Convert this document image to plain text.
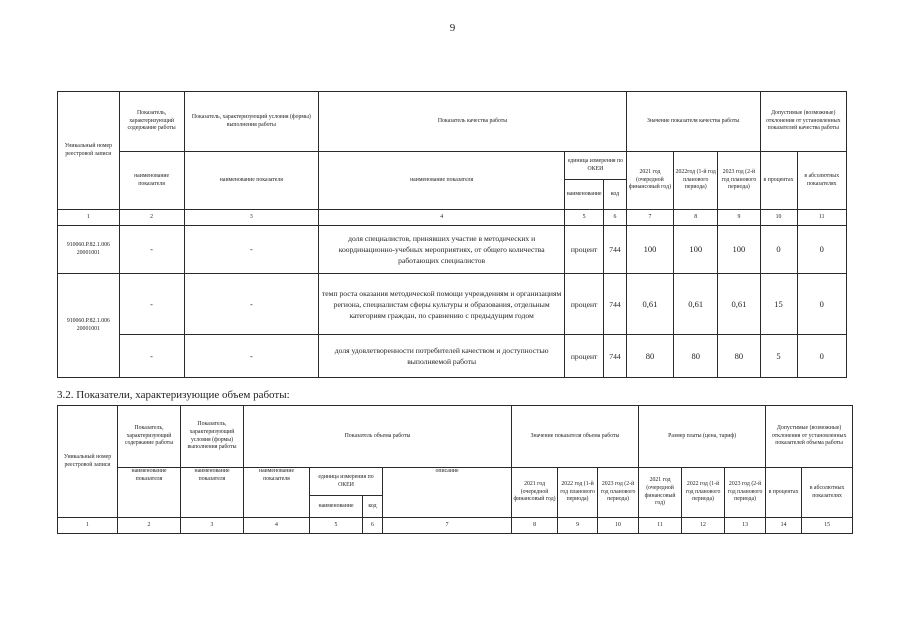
9
Уникальный номер реестровой записи	Показатель, характеризующий содержание работы	Показатель, характеризующий условия (формы) выполнения работы	Показатель качества работы			Значение показателя качества работы			Допустимые (возможные) отклонения от установленных показателей качества работы	
	наименование показателя	наименование показателя	наименование показателя	единица измерения по ОКЕИ		2021 год (очередной финансовый год)	2022год (1-й год планового периода)	2023 год (2-й год планового периода)	в процентах	в абсолютных показателях
				наименование	код					
1	2	3	4	5	6	7	8	9	10	11
910060.Р.82.1.006 20001001	-	-	доля специалистов, принявших участие в методических и координационно-учебных мероприятиях, от общего количества работающих специалистов	процент	744	100	100	100	0	0
910060.Р.82.1.006 20001001	-	-	темп роста оказания методической помощи учреждениям и организациям региона, специалистам сферы культуры и образования, отдельным категориям граждан, по сравнению с предыдущим годом	процент	744	0,61	0,61	0,61	15	0
	-	-	доля удовлетворенности потребителей качеством и доступностью выполняемой работы	процент	744	80	80	80	5	0
3.2. Показатели, характеризующие объем работы:
Уникальный номер реестровой записи	Показатель, характеризующий содержание работы	Показатель, характеризующий условия (формы) выполнения работы	Показатель объема работы				Значение показателя объема работы			Размер платы (цена, тариф)			Допустимые (возможные) отклонения от установленных показателей объема работы	
	наименование показателя	наименование показателя	наименование показателя	единица измерения по ОКЕИ		описание	2021 год (очередной финансовый год)	2022 год (1-й год планового периода)	2023 год (2-й год планового периода)	2021 год (очередной финансовый год)	2022 год (1-й год планового периода)	2023 год (2-й год планового периода)	в процентах	в абсолютных показателях
				наименование	код									
1	2	3	4	5	6	7	8	9	10	11	12	13	14	15
